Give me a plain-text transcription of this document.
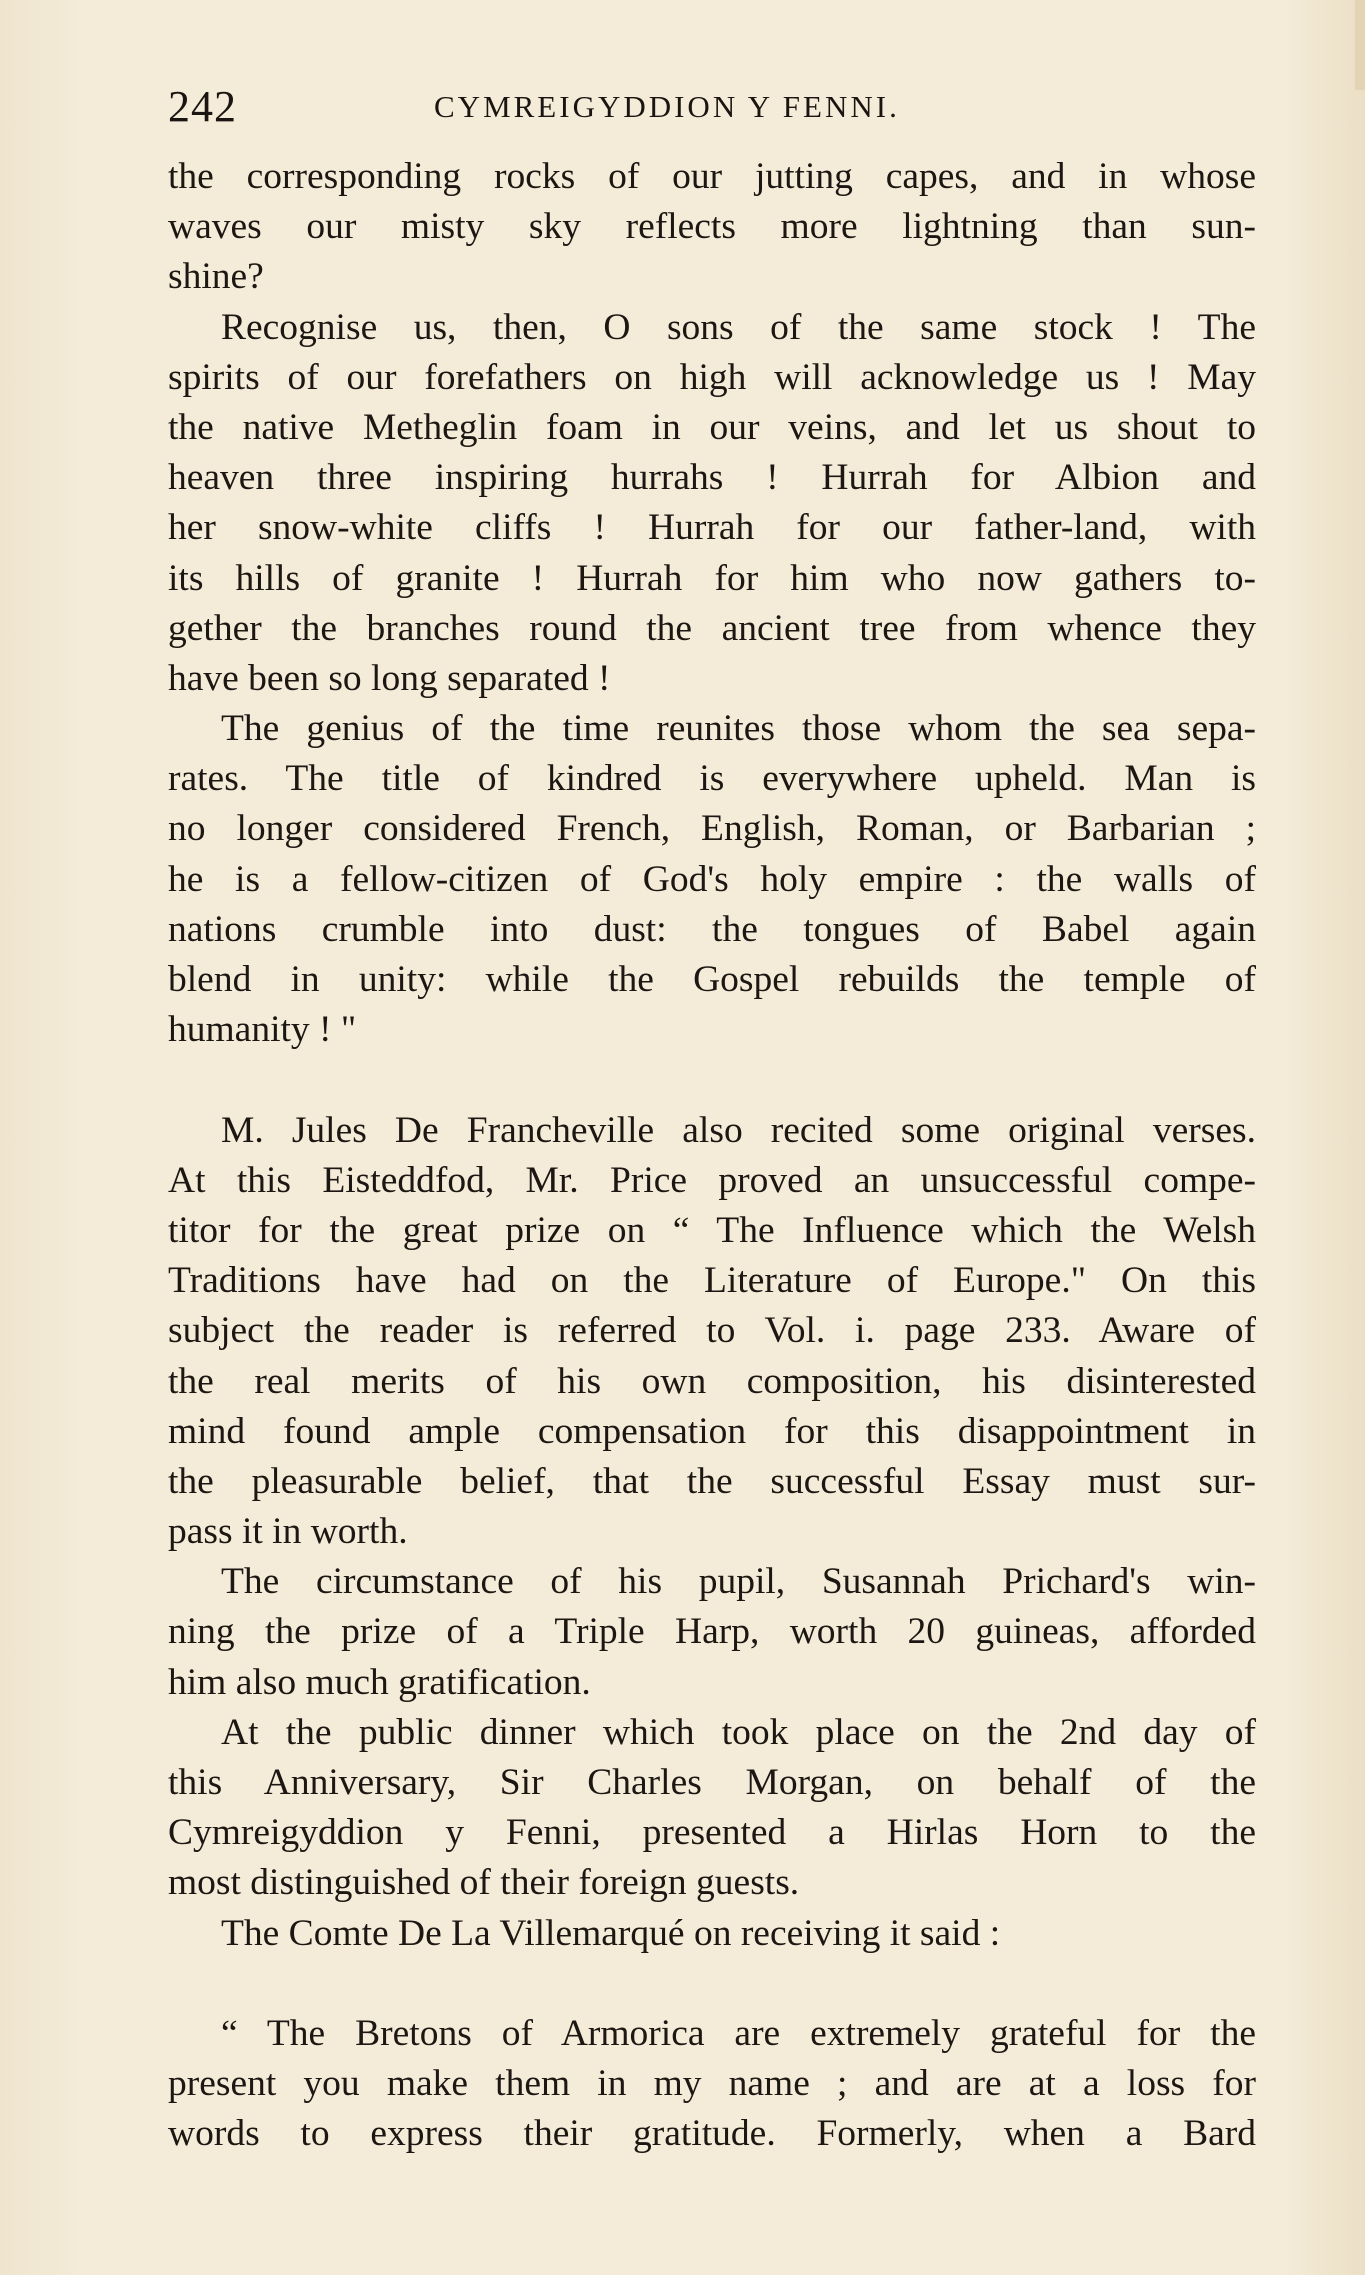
242	CYMREIGYDDION Y FENNI.
the corresponding rocks of our jutting capes, and in whose
waves our misty sky reflects more lightning than sun-
shine?
Recognise us, then, O sons of the same stock ! The
spirits of our forefathers on high will acknowledge us ! May
the native Metheglin foam in our veins, and let us shout to
heaven three inspiring hurrahs ! Hurrah for Albion and
her snow-white cliffs ! Hurrah for our father-land, with
its hills of granite ! Hurrah for him who now gathers to-
gether the branches round the ancient tree from whence they
have been so long separated !
The genius of the time reunites those whom the sea sepa-
rates. The title of kindred is everywhere upheld. Man is
no longer considered French, English, Roman, or Barbarian ;
he is a fellow-citizen of God's holy empire : the walls of
nations crumble into dust: the tongues of Babel again
blend in unity: while the Gospel rebuilds the temple of
humanity ! "
M. Jules De Francheville also recited some original verses.
At this Eisteddfod, Mr. Price proved an unsuccessful compe-
titor for the great prize on “ The Influence which the Welsh
Traditions have had on the Literature of Europe." On this
subject the reader is referred to Vol. i. page 233. Aware of
the real merits of his own composition, his disinterested
mind found ample compensation for this disappointment in
the pleasurable belief, that the successful Essay must sur-
pass it in worth.
The circumstance of his pupil, Susannah Prichard's win-
ning the prize of a Triple Harp, worth 20 guineas, afforded
him also much gratification.
At the public dinner which took place on the 2nd day of
this Anniversary, Sir Charles Morgan, on behalf of the
Cymreigyddion y Fenni, presented a Hirlas Horn to the
most distinguished of their foreign guests.
The Comte De La Villemarqué on receiving it said :
“ The Bretons of Armorica are extremely grateful for the
present you make them in my name ; and are at a loss for
words to express their gratitude. Formerly, when a Bard
